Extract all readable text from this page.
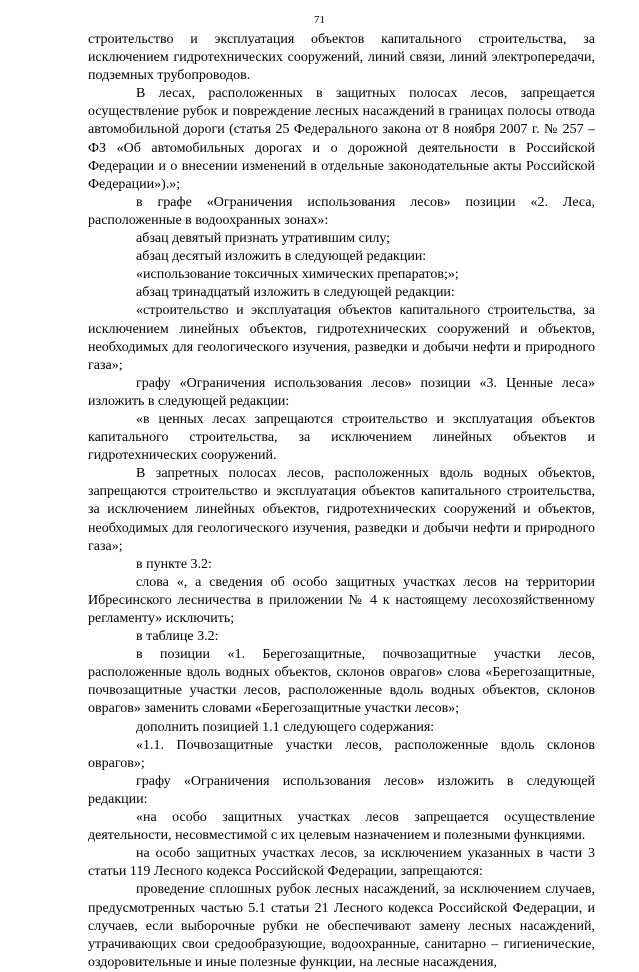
71

строительство и эксплуатация объектов капитального строительства, за исключением гидротехнических сооружений, линий связи, линий электропередачи, подземных трубопроводов.

В лесах, расположенных в защитных полосах лесов, запрещается осуществление рубок и повреждение лесных насаждений в границах полосы отвода автомобильной дороги (статья 25 Федерального закона от 8 ноября 2007 г. № 257 – ФЗ «Об автомобильных дорогах и о дорожной деятельности в Российской Федерации и о внесении изменений в отдельные законодательные акты Российской Федерации»).»;

в графе «Ограничения использования лесов» позиции «2. Леса, расположенные в водоохранных зонах»:

абзац девятый признать утратившим силу;

абзац десятый изложить в следующей редакции:

«использование токсичных химических препаратов;»;

абзац тринадцатый изложить в следующей редакции:

«строительство и эксплуатация объектов капитального строительства, за исключением линейных объектов, гидротехнических сооружений и объектов, необходимых для геологического изучения, разведки и добычи нефти и природного газа»;

графу «Ограничения использования лесов» позиции «3. Ценные леса» изложить в следующей редакции:

«в ценных лесах запрещаются строительство и эксплуатация объектов капитального строительства, за исключением линейных объектов и гидротехнических сооружений.

В запретных полосах лесов, расположенных вдоль водных объектов, запрещаются строительство и эксплуатация объектов капитального строительства, за исключением линейных объектов, гидротехнических сооружений и объектов, необходимых для геологического изучения, разведки и добычи нефти и природного газа»;

в пункте 3.2:

слова «, а сведения об особо защитных участках лесов на территории Ибресинского лесничества в приложении № 4 к настоящему лесохозяйственному регламенту» исключить;

в таблице 3.2:

в позиции «1. Берегозащитные, почвозащитные участки лесов, расположенные вдоль водных объектов, склонов оврагов» слова «Берегозащитные, почвозащитные участки лесов, расположенные вдоль водных объектов, склонов оврагов» заменить словами «Берегозащитные участки лесов»;

дополнить позицией 1.1 следующего содержания:

«1.1. Почвозащитные участки лесов, расположенные вдоль склонов оврагов»;

графу «Ограничения использования лесов» изложить в следующей редакции:

«на особо защитных участках лесов запрещается осуществление деятельности, несовместимой с их целевым назначением и полезными функциями.

на особо защитных участках лесов, за исключением указанных в части 3 статьи 119 Лесного кодекса Российской Федерации, запрещаются:

проведение сплошных рубок лесных насаждений, за исключением случаев, предусмотренных частью 5.1 статьи 21 Лесного кодекса Российской Федерации, и случаев, если выборочные рубки не обеспечивают замену лесных насаждений, утрачивающих свои средообразующие, водоохранные, санитарно – гигиенические, оздоровительные и иные полезные функции, на лесные насаждения,
